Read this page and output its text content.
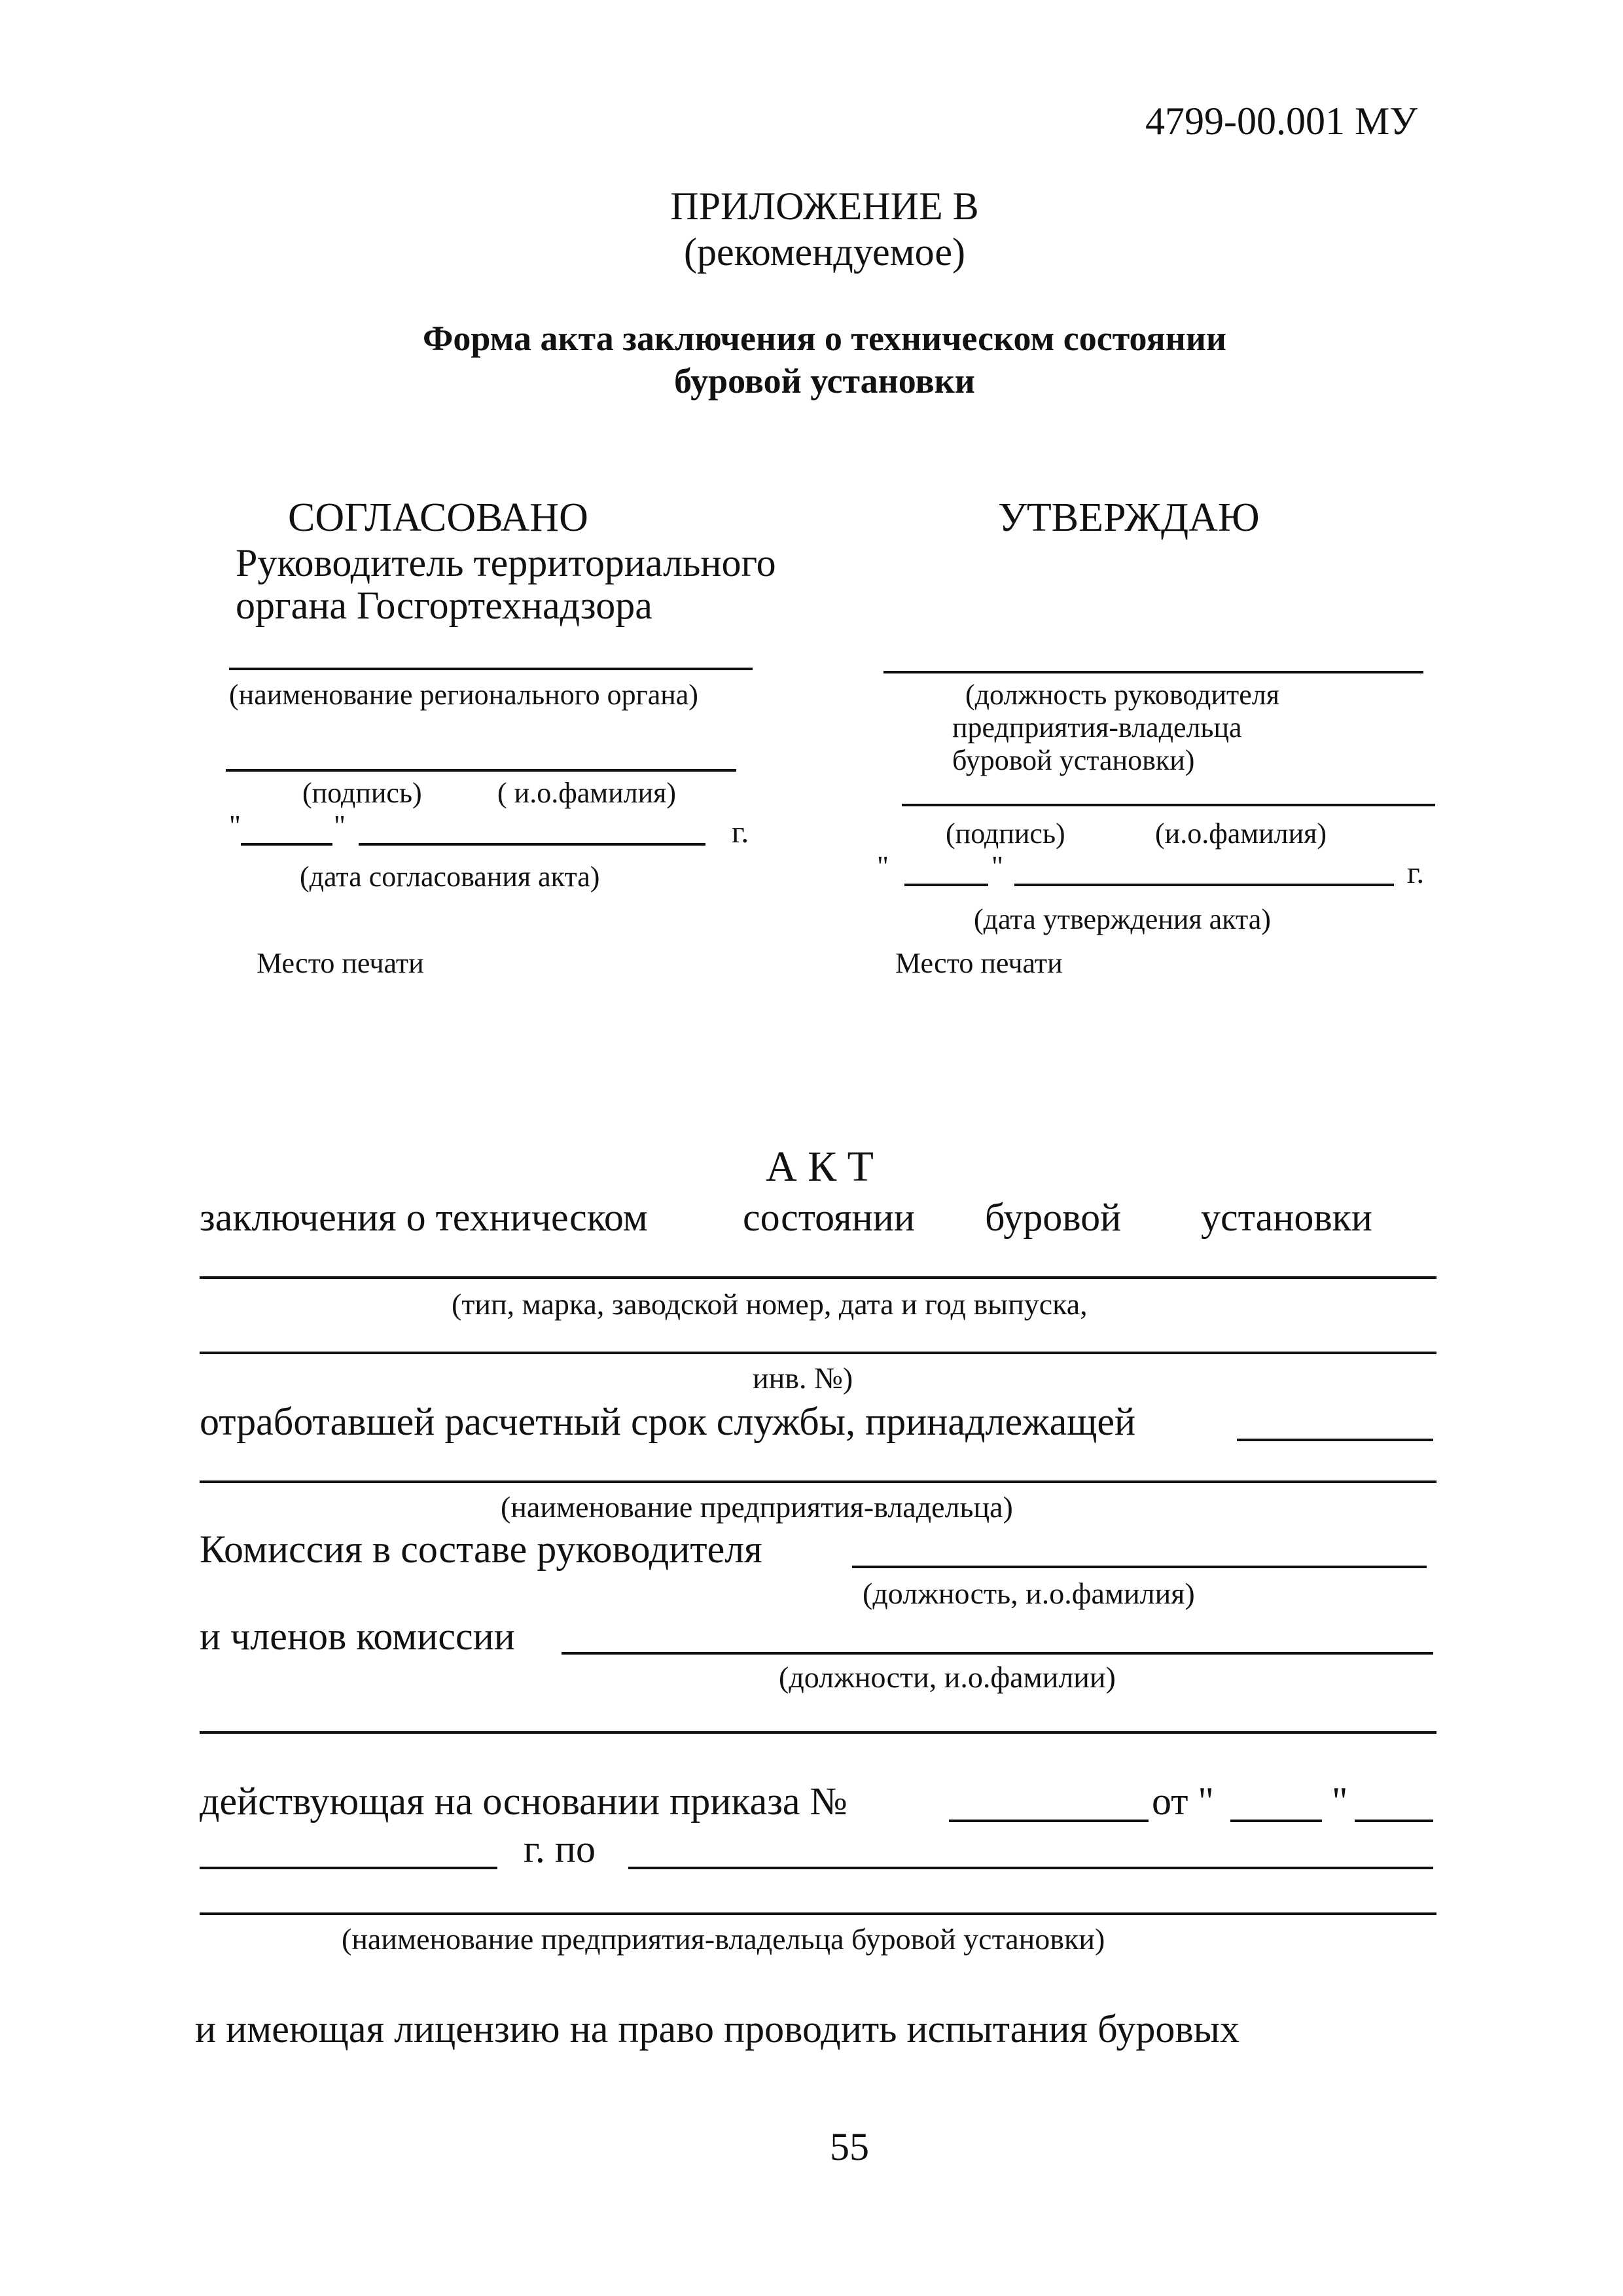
4799-00.001 МУ
ПРИЛОЖЕНИЕ В
(рекомендуемое)
Форма акта заключения о техническом состоянии
буровой установки
СОГЛАСОВАНО
Руководитель территориального
органа Госгортехнадзора
(наименование регионального органа)
(подпись)	( и.о.фамилия)
"	"	г.
(дата согласования акта)
Место печати
УТВЕРЖДАЮ
(должность руководителя
предприятия-владельца
буровой установки)
(подпись)	(и.о.фамилия)
"	"	г.
(дата утверждения акта)
Место печати
А К Т
заключения о техническом состоянии буровой установки
(тип, марка, заводской номер, дата и год выпуска,
инв. №)
отработавшей расчетный срок службы, принадлежащей
(наименование предприятия-владельца)
Комиссия в составе руководителя
(должность, и.о.фамилия)
и членов комиссии
(должности, и.о.фамилии)
действующая на основании приказа №	от "	"
г. по
(наименование предприятия-владельца буровой установки)
и имеющая лицензию на право проводить испытания буровых
55
